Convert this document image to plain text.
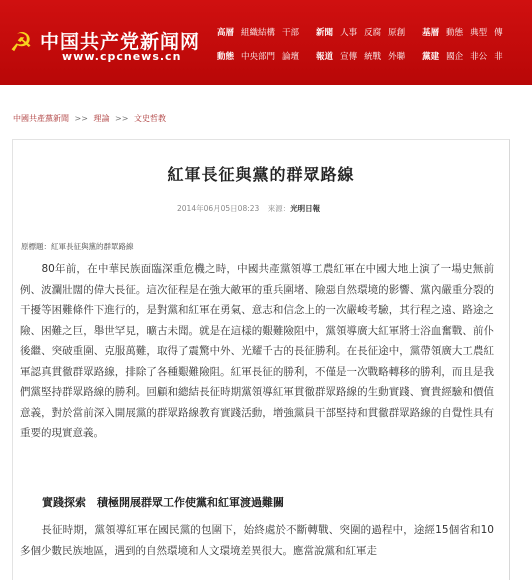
☭ 中国共产党新闻网
www.cpcnews.cn
高層 組織結構 干部 新聞 人事 反腐 原創 基層 動態 典型 傳
動態 中央部門 論壇 報道 宣傳 統戰 外聯 黨建 國企 非公 非
中國共產黨新聞 >> 理論 >> 文史哲教
紅軍長征與黨的群眾路線
2014年06月05日08:23 來源：光明日報
原標題：紅軍長征與黨的群眾路線
　　80年前，在中華民族面臨深重危機之時，中國共產黨領導工農紅軍在中國大地上演了一場史無前例、波瀾壯闊的偉大長征。這次征程是在強大敵軍的重兵圍堵、險惡自然環境的影響、黨內嚴重分裂的干擾等困難條件下進行的，是對黨和紅軍在勇氣、意志和信念上的一次嚴峻考驗，其行程之遠、路途之險、困難之巨，舉世罕見，曠古未聞。就是在這樣的艱難險阻中，黨領導廣大紅軍將士浴血奮戰、前仆後繼、突破重圍、克服萬難，取得了震驚中外、光耀千古的長征勝利。在長征途中，黨帶領廣大工農紅軍認真貫徹群眾路線，排除了各種艱難險阻。紅軍長征的勝利，不僅是一次戰略轉移的勝利，而且是我們黨堅持群眾路線的勝利。回顧和總結長征時期黨領導紅軍貫徹群眾路線的生動實踐、寶貴經驗和價值意義，對於當前深入開展黨的群眾路線教育實踐活動，增強黨員干部堅持和貫徹群眾路線的自覺性具有重要的現實意義。
實踐探索　積極開展群眾工作使黨和紅軍渡過難關
　　長征時期，黨領導紅軍在國民黨的包圍下，始終處於不斷轉戰、突圍的過程中，途經15個省和10多個少數民族地區，遇到的自然環境和人文環境差異很大。應當說黨和紅軍走
